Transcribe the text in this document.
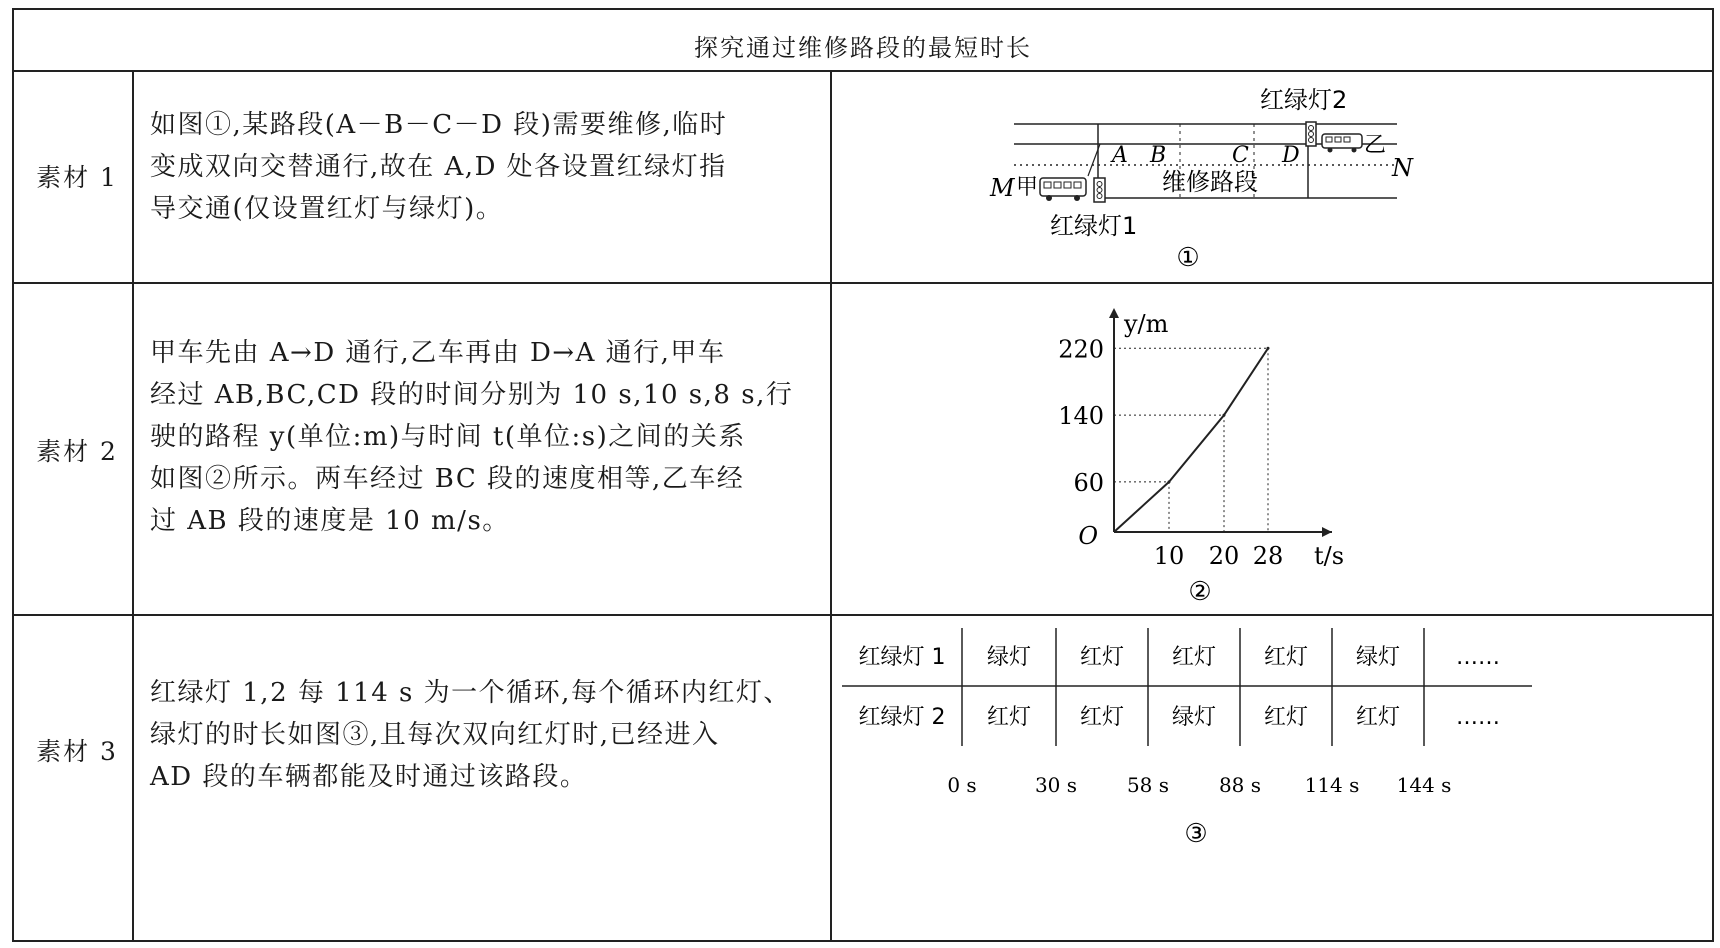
探究通过维修路段的最短时长
素材 1

如图①,某路段(A－B－C－D 段)需要维修,临时

变成双向交替通行,故在 A,D 处各设置红绿灯指

导交通(仅设置红灯与绿灯)。

素材 2

甲车先由 A→D 通行,乙车再由 D→A 通行,甲车

经过 AB,BC,CD 段的时间分别为 10 s,10 s,8 s,行

驶的路程 y(单位:m)与时间 t(单位:s)之间的关系

如图②所示。两车经过 BC 段的速度相等,乙车经

过 AB 段的速度是 10 m/s。

素材 3

红绿灯 1,2 每 114 s 为一个循环,每个循环内红灯、

绿灯的时长如图③,且每次双向红灯时,已经进入

AD 段的车辆都能及时通过该路段。

红绿灯2
A B	C D	乙
N
M 甲	维修路段
红绿灯1
①
10
60
20
140
28
220
O
t/s
y/m
②
红绿灯 1 绿灯 红灯 红灯 红灯 绿灯	……
红绿灯 2 红灯 红灯 绿灯 红灯 红灯	……
0 s	30 s 58 s 88 s 114 s 144 s
③
